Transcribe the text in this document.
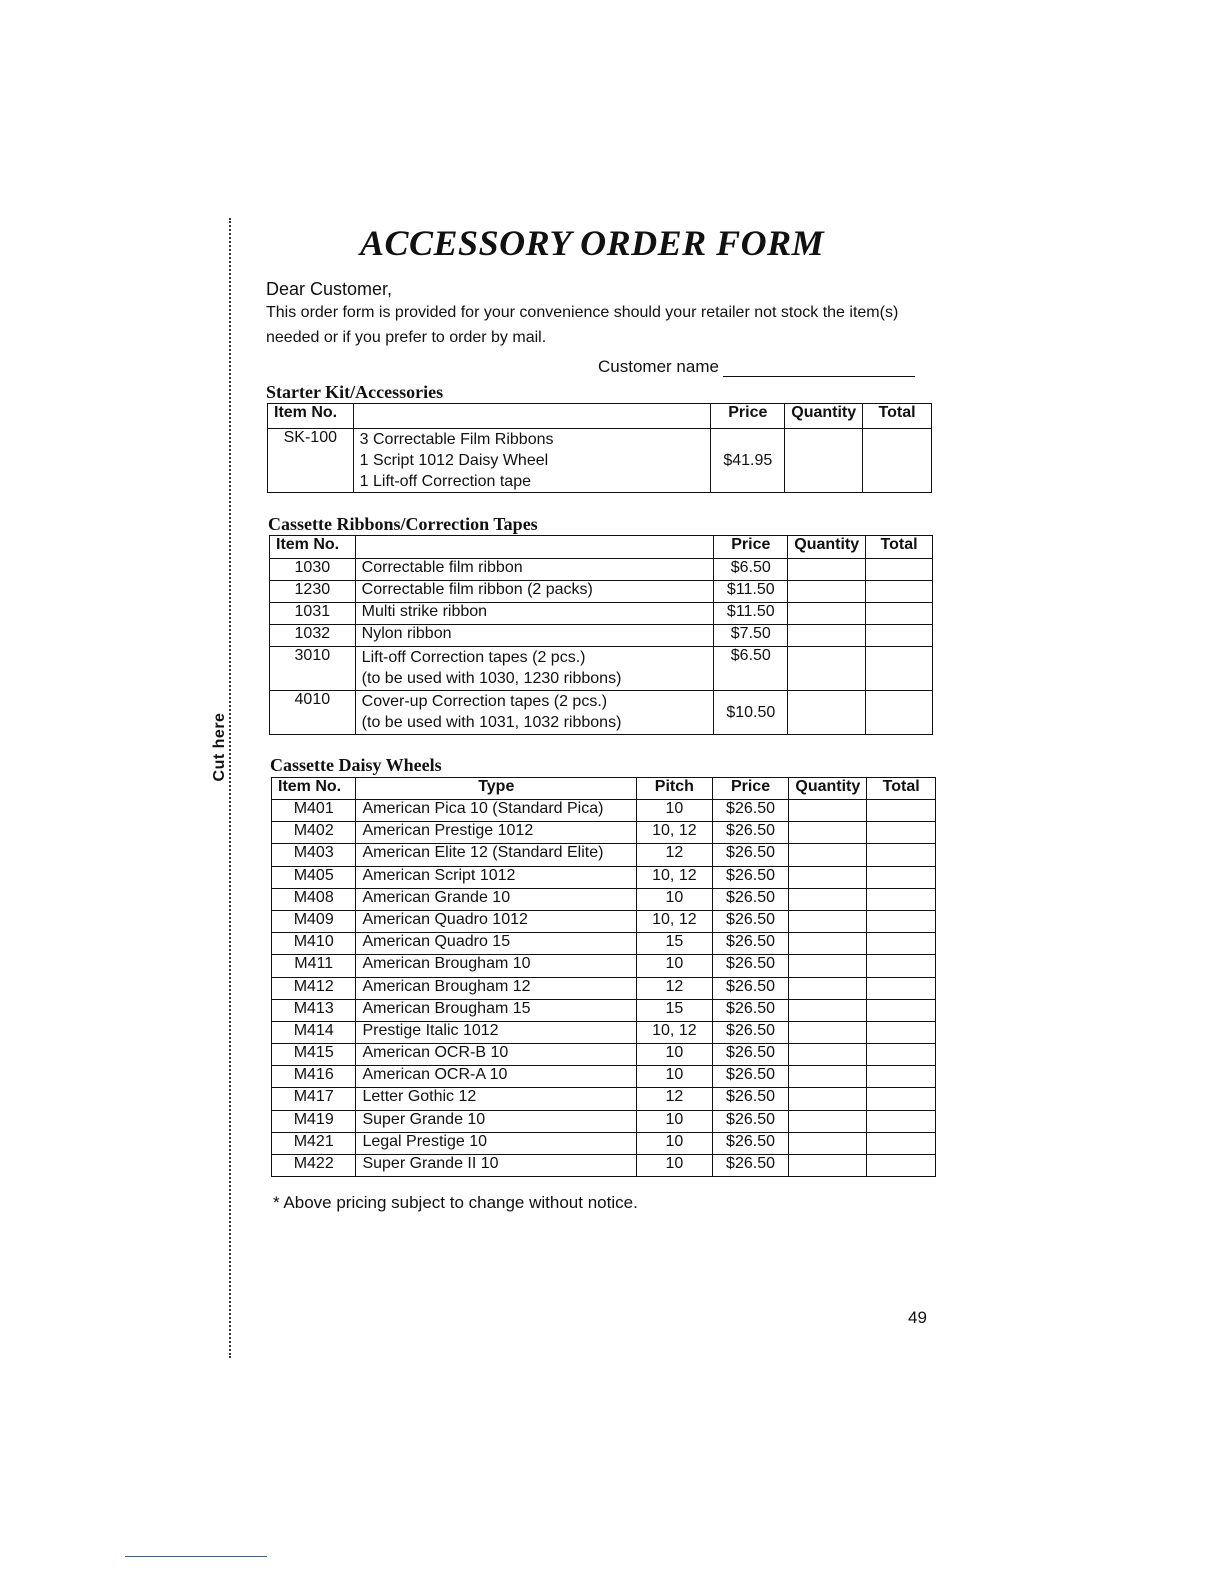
Cut here
ACCESSORY ORDER FORM
Dear Customer,
This order form is provided for your convenience should your retailer not stock the item(s) needed or if you prefer to order by mail.
Customer name
Starter Kit/Accessories
Item No.		Price	Quantity	Total
SK-100	3 Correctable Film Ribbons
1 Script 1012 Daisy Wheel
1 Lift-off Correction tape	$41.95		
Cassette Ribbons/Correction Tapes
Item No.		Price	Quantity	Total
1030	Correctable film ribbon	$6.50		
1230	Correctable film ribbon (2 packs)	$11.50		
1031	Multi strike ribbon	$11.50		
1032	Nylon ribbon	$7.50		
3010	Lift-off Correction tapes (2 pcs.)
(to be used with 1030, 1230 ribbons)	$6.50		
4010	Cover-up Correction tapes (2 pcs.)
(to be used with 1031, 1032 ribbons)	$10.50		
Cassette Daisy Wheels
Item No.	Type	Pitch	Price	Quantity	Total
M401	American Pica 10 (Standard Pica)	10	$26.50		
M402	American Prestige 1012	10, 12	$26.50		
M403	American Elite 12 (Standard Elite)	12	$26.50		
M405	American Script 1012	10, 12	$26.50		
M408	American Grande 10	10	$26.50		
M409	American Quadro 1012	10, 12	$26.50		
M410	American Quadro 15	15	$26.50		
M411	American Brougham 10	10	$26.50		
M412	American Brougham 12	12	$26.50		
M413	American Brougham 15	15	$26.50		
M414	Prestige Italic 1012	10, 12	$26.50		
M415	American OCR-B 10	10	$26.50		
M416	American OCR-A 10	10	$26.50		
M417	Letter Gothic 12	12	$26.50		
M419	Super Grande 10	10	$26.50		
M421	Legal Prestige 10	10	$26.50		
M422	Super Grande II 10	10	$26.50		
* Above pricing subject to change without notice.
49
